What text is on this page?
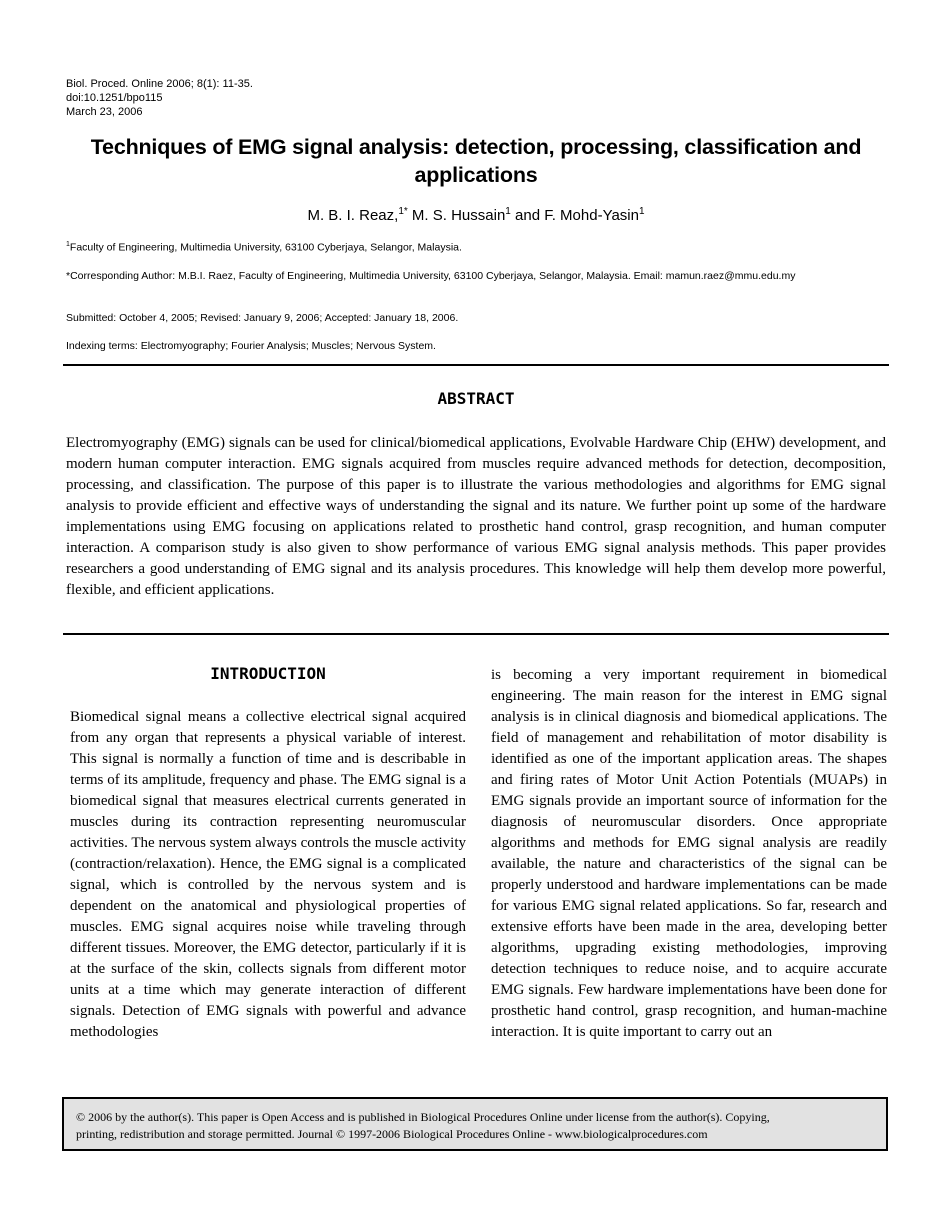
Biol. Proced. Online 2006; 8(1): 11-35.
doi:10.1251/bpo115
March 23, 2006
Techniques of EMG signal analysis: detection, processing, classification and applications
M. B. I. Reaz,$^{1*}$ M. S. Hussain$^1$ and F. Mohd-Yasin$^1$
$^1$Faculty of Engineering, Multimedia University, 63100 Cyberjaya, Selangor, Malaysia.
*Corresponding Author: M.B.I. Raez, Faculty of Engineering, Multimedia University, 63100 Cyberjaya, Selangor, Malaysia. Email: mamun.raez@mmu.edu.my
Submitted: October 4, 2005; Revised: January 9, 2006; Accepted: January 18, 2006.
Indexing terms: Electromyography; Fourier Analysis; Muscles; Nervous System.
ABSTRACT
Electromyography (EMG) signals can be used for clinical/biomedical applications, Evolvable Hardware Chip (EHW) development, and modern human computer interaction. EMG signals acquired from muscles require advanced methods for detection, decomposition, processing, and classification. The purpose of this paper is to illustrate the various methodologies and algorithms for EMG signal analysis to provide efficient and effective ways of understanding the signal and its nature. We further point up some of the hardware implementations using EMG focusing on applications related to prosthetic hand control, grasp recognition, and human computer interaction. A comparison study is also given to show performance of various EMG signal analysis methods. This paper provides researchers a good understanding of EMG signal and its analysis procedures. This knowledge will help them develop more powerful, flexible, and efficient applications.
INTRODUCTION
Biomedical signal means a collective electrical signal acquired from any organ that represents a physical variable of interest. This signal is normally a function of time and is describable in terms of its amplitude, frequency and phase. The EMG signal is a biomedical signal that measures electrical currents generated in muscles during its contraction representing neuromuscular activities. The nervous system always controls the muscle activity (contraction/relaxation). Hence, the EMG signal is a complicated signal, which is controlled by the nervous system and is dependent on the anatomical and physiological properties of muscles. EMG signal acquires noise while traveling through different tissues. Moreover, the EMG detector, particularly if it is at the surface of the skin, collects signals from different motor units at a time which may generate interaction of different signals. Detection of EMG signals with powerful and advance methodologies
is becoming a very important requirement in biomedical engineering. The main reason for the interest in EMG signal analysis is in clinical diagnosis and biomedical applications. The field of management and rehabilitation of motor disability is identified as one of the important application areas. The shapes and firing rates of Motor Unit Action Potentials (MUAPs) in EMG signals provide an important source of information for the diagnosis of neuromuscular disorders. Once appropriate algorithms and methods for EMG signal analysis are readily available, the nature and characteristics of the signal can be properly understood and hardware implementations can be made for various EMG signal related applications. So far, research and extensive efforts have been made in the area, developing better algorithms, upgrading existing methodologies, improving detection techniques to reduce noise, and to acquire accurate EMG signals. Few hardware implementations have been done for prosthetic hand control, grasp recognition, and human-machine interaction. It is quite important to carry out an
© 2006 by the author(s). This paper is Open Access and is published in Biological Procedures Online under license from the author(s). Copying,
printing, redistribution and storage permitted. Journal © 1997-2006 Biological Procedures Online - www.biologicalprocedures.com
